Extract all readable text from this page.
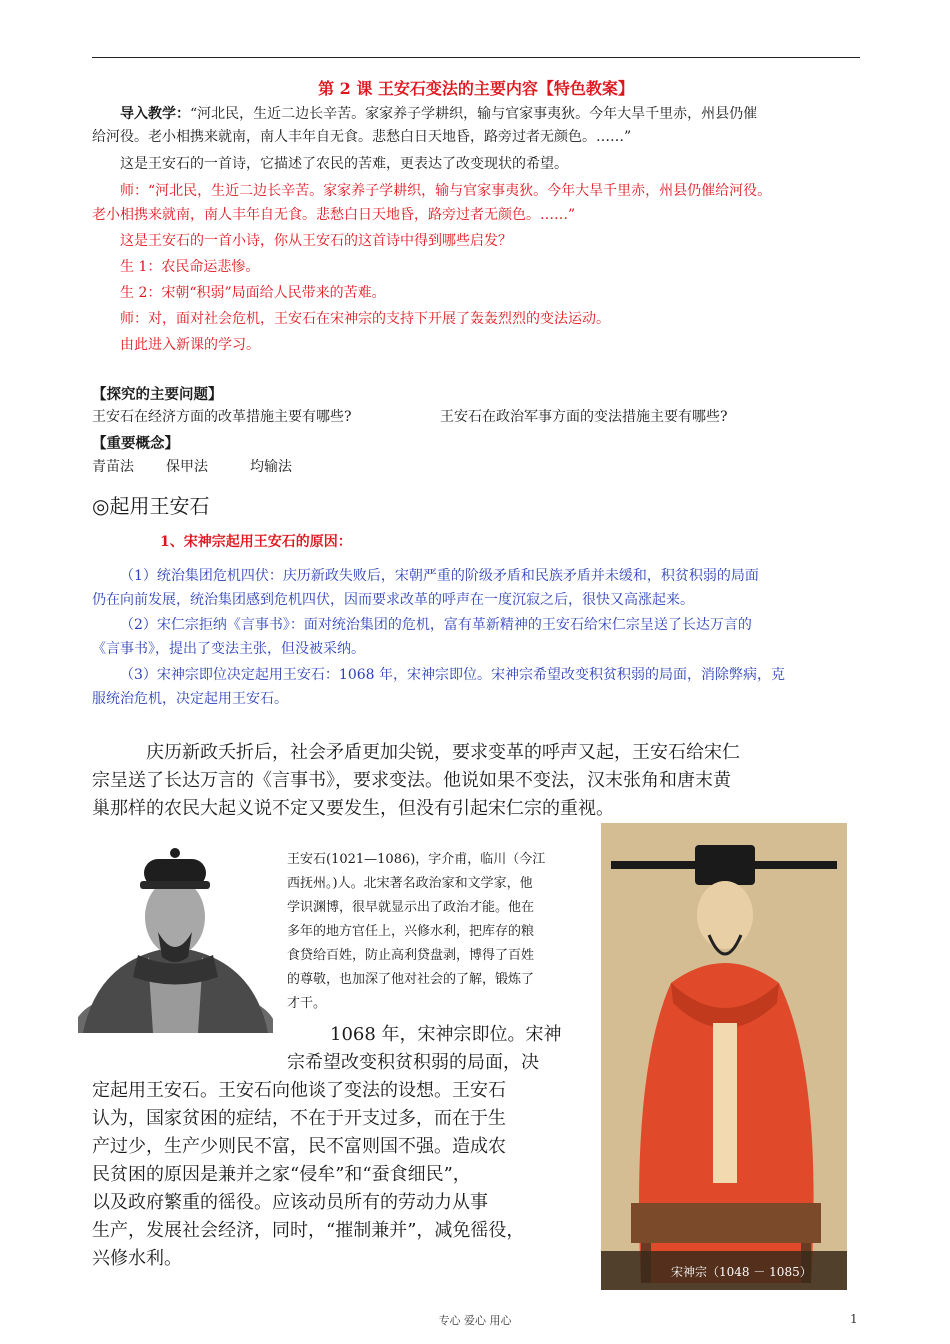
第 2 课 王安石变法的主要内容【特色教案】
导入教学：“河北民，生近二边长辛苦。家家养子学耕织，输与官家事夷狄。今年大旱千里赤，州县仍催
给河役。老小相携来就南，南人丰年自无食。悲愁白日天地昏，路旁过者无颜色。……”
这是王安石的一首诗，它描述了农民的苦难，更表达了改变现状的希望。
师：“河北民，生近二边长辛苦。家家养子学耕织，输与官家事夷狄。今年大旱千里赤，州县仍催给河役。
老小相携来就南，南人丰年自无食。悲愁白日天地昏，路旁过者无颜色。……”
这是王安石的一首小诗，你从王安石的这首诗中得到哪些启发？
生 1：农民命运悲惨。
生 2：宋朝“积弱”局面给人民带来的苦难。
师：对，面对社会危机，王安石在宋神宗的支持下开展了轰轰烈烈的变法运动。
由此进入新课的学习。
【探究的主要问题】
王安石在经济方面的改革措施主要有哪些?	王安石在政治军事方面的变法措施主要有哪些?
【重要概念】
青苗法 保甲法	均输法
◎起用王安石
1、宋神宗起用王安石的原因：
（1）统治集团危机四伏：庆历新政失败后，宋朝严重的阶级矛盾和民族矛盾并未缓和，积贫积弱的局面
仍在向前发展，统治集团感到危机四伏，因而要求改革的呼声在一度沉寂之后，很快又高涨起来。
（2）宋仁宗拒纳《言事书》：面对统治集团的危机，富有革新精神的王安石给宋仁宗呈送了长达万言的
《言事书》，提出了变法主张，但没被采纳。
（3）宋神宗即位决定起用王安石：1068 年，宋神宗即位。宋神宗希望改变积贫积弱的局面，消除弊病，克
服统治危机，决定起用王安石。
庆历新政夭折后，社会矛盾更加尖锐，要求变革的呼声又起，王安石给宋仁
宗呈送了长达万言的《言事书》，要求变法。他说如果不变法，汉末张角和唐末黄
巢那样的农民大起义说不定又要发生，但没有引起宋仁宗的重视。
王安石(1021—1086)，字介甫，临川（今江
西抚州。)人。北宋著名政治家和文学家，他
学识渊博，很早就显示出了政治才能。他在
多年的地方官任上，兴修水利，把库存的粮
食贷给百姓，防止高利贷盘剥，博得了百姓
的尊敬，也加深了他对社会的了解，锻炼了
才干。
1068 年，宋神宗即位。宋神
宗希望改变积贫积弱的局面，决
定起用王安石。王安石向他谈了变法的设想。王安石
认为，国家贫困的症结，不在于开支过多，而在于生
产过少，生产少则民不富，民不富则国不强。造成农
民贫困的原因是兼并之家“侵牟”和“蚕食细民”，
以及政府繁重的徭役。应该动员所有的劳动力从事
生产，发展社会经济，同时，“摧制兼并”，减免徭役，
兴修水利。
宋神宗（1048 － 1085）
专心 爱心 用心	1
